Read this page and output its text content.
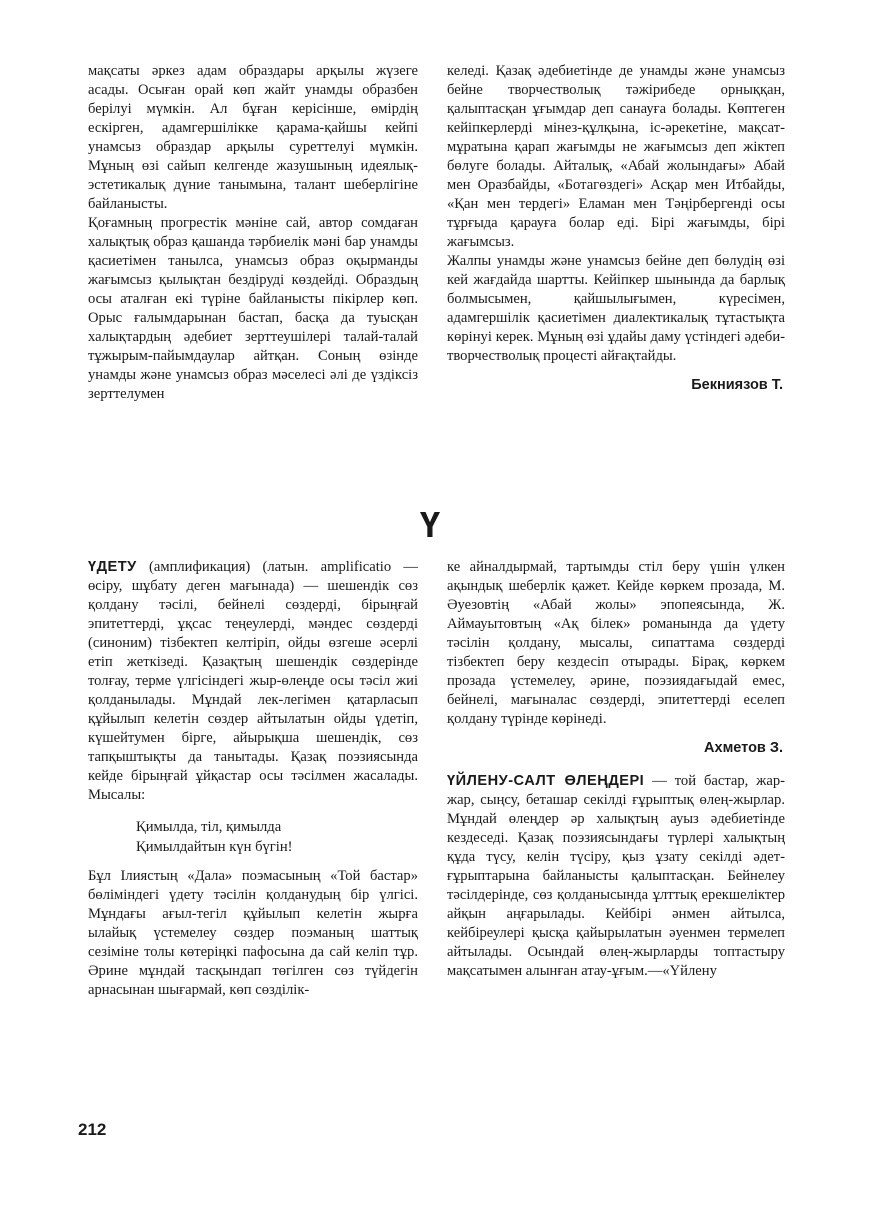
мақсаты әркез адам образдары арқылы жүзеге асады. Осыған орай көп жайт унамды образбен берілуі мүмкін. Ал бұған керісінше, өмірдің ескірген, адамгершілікке қарама-қайшы кейпі унамсыз образдар арқылы суреттелуі мүмкін. Мұның өзі сайып келгенде жазушының идеялық-эстетикалық дүние танымына, талант шеберлігіне байланысты.

Қоғамның прогрестік мәніне сай, автор сомдаған халықтық образ қашанда тәрбиелік мәні бар унамды қасиетімен танылса, унамсыз образ оқырманды жағымсыз қылықтан бездіруді көздейді. Образдың осы аталған екі түріне байланысты пікірлер көп. Орыс ғалымдарынан бастап, басқа да туысқан халықтардың әдебиет зерттеушілері талай-талай тұжырым-пайымдаулар айтқан. Соның өзінде унамды және унамсыз образ мәселесі әлі де үздіксіз зерттелумен

келеді. Қазақ әдебиетінде де унамды және унамсыз бейне творчестволық тәжірибеде орныққан, қалыптасқан ұғымдар деп санауға болады. Көптеген кейіпкерлерді мінез-құлқына, іс-әрекетіне, мақсат-мұратына қарап жағымды не жағымсыз деп жіктеп бөлуге болады. Айталық, «Абай жолындағы» Абай мен Оразбайды, «Ботагөздегі» Асқар мен Итбайды, «Қан мен тердегі» Еламан мен Тәңірбергенді осы тұрғыда қарауға болар еді. Бірі жағымды, бірі жағымсыз.

Жалпы унамды және унамсыз бейне деп бөлудің өзі кей жағдайда шартты. Кейіпкер шынында да барлық болмысымен, қайшылығымен, күресімен, адамгершілік қасиетімен диалектикалық тұтастықта көрінуі керек. Мұның өзі ұдайы даму үстіндегі әдеби-творчестволық процесті айғақтайды.

Бекниязов Т.
Ү

ҮДЕТУ (амплификация) (латын. amplificatio — өсіру, шұбату деген мағынада) — шешендік сөз қолдану тәсілі, бейнелі сөздерді, бірыңғай эпитеттерді, ұқсас теңеулерді, мәндес сөздерді (синоним) тізбектеп келтіріп, ойды өзгеше әсерлі етіп жеткізеді. Қазақтың шешендік сөздерінде толғау, терме үлгісіндегі жыр-өлеңде осы тәсіл жиі қолданылады. Мұндай лек-легімен қатарласып құйылып келетін сөздер айтылатын ойды үдетіп, күшейтумен бірге, айырықша шешендік, сөз тапқыштықты да танытады. Қазақ поэзиясында кейде бірыңғай ұйқастар осы тәсілмен жасалады. Мысалы:

Қимылда, тіл, қимылда
Қимылдайтын күн бүгін!

Бұл Ілиястың «Дала» поэмасының «Той бастар» бөліміндегі үдету тәсілін қолданудың бір үлгісі. Мұндағы ағыл-тегіл құйылып келетін жырға ылайық үстемелеу сөздер поэманың шаттық сезіміне толы көтеріңкі пафосына да сай келіп тұр. Әрине мұндай тасқындап төгілген сөз түйдегін арнасынан шығармай, көп сөзділік-

ке айналдырмай, тартымды стіл беру үшін үлкен ақындық шеберлік қажет. Кейде көркем прозада, М. Әуезовтің «Абай жолы» эпопеясында, Ж. Аймауытовтың «Ақ білек» романында да үдету тәсілін қолдану, мысалы, сипаттама сөздерді тізбектеп беру кездесіп отырады. Бірақ, көркем прозада үстемелеу, әрине, поэзиядағыдай емес, бейнелі, мағыналас сөздерді, эпитеттерді еселеп қолдану түрінде көрінеді.

Ахметов З.

ҮЙЛЕНУ-САЛТ ӨЛЕҢДЕРІ — той бастар, жар-жар, сыңсу, беташар секілді ғұрыптық өлең-жырлар. Мұндай өлеңдер әр халықтың ауыз әдебиетінде кездеседі. Қазақ поэзиясындағы түрлері халықтың құда түсу, келін түсіру, қыз ұзату секілді әдет-ғұрыптарына байланысты қалыптасқан. Бейнелеу тәсілдерінде, сөз қолданысында ұлттық ерекшеліктер айқын аңғарылады. Кейбірі әнмен айтылса, кейбіреулері қысқа қайырылатын әуенмен термелеп айтылады. Осындай өлең-жырларды топтастыру мақсатымен алынған атау-ұғым.—«Үйлену

212
